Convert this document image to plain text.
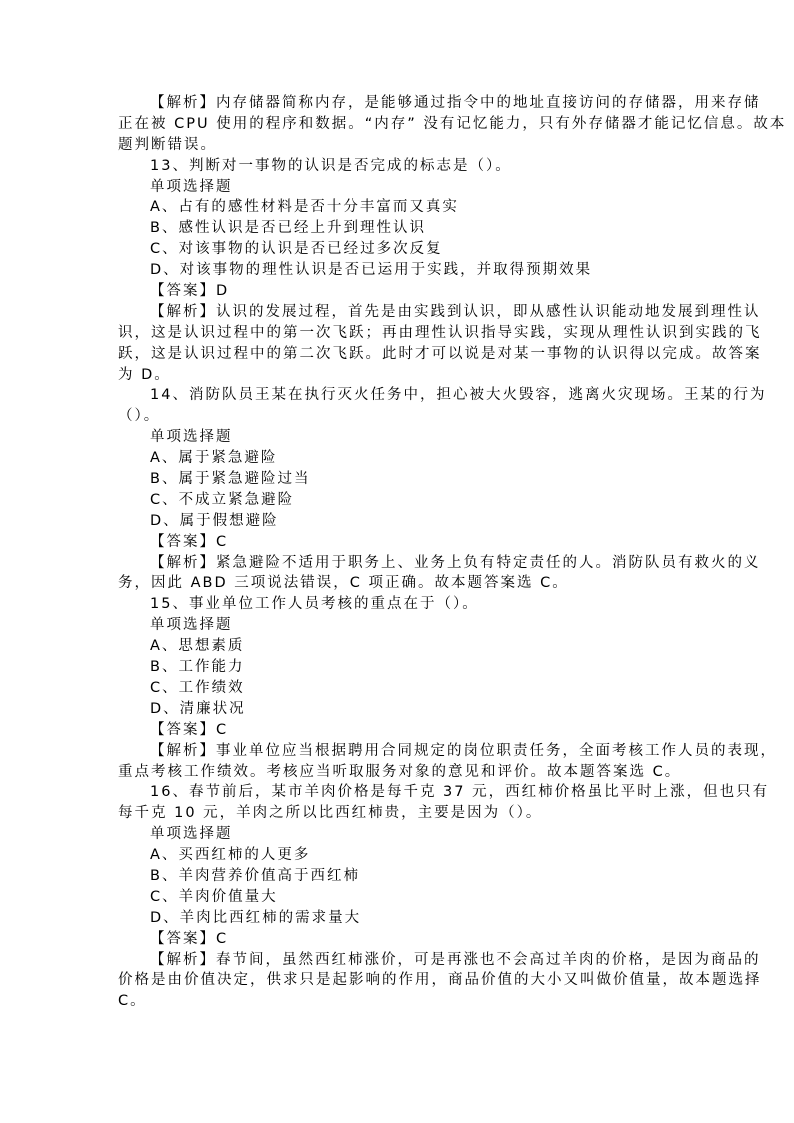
【解析】内存储器简称内存，是能够通过指令中的地址直接访问的存储器，用来存储
正在被 CPU 使用的程序和数据。“内存” 没有记忆能力，只有外存储器才能记忆信息。故本
题判断错误。
13、判断对一事物的认识是否完成的标志是（）。
单项选择题
A、占有的感性材料是否十分丰富而又真实
B、感性认识是否已经上升到理性认识
C、对该事物的认识是否已经过多次反复
D、对该事物的理性认识是否已运用于实践，并取得预期效果
【答案】D
【解析】认识的发展过程，首先是由实践到认识，即从感性认识能动地发展到理性认
识，这是认识过程中的第一次飞跃；再由理性认识指导实践，实现从理性认识到实践的飞
跃，这是认识过程中的第二次飞跃。此时才可以说是对某一事物的认识得以完成。故答案
为 D。
14、消防队员王某在执行灭火任务中，担心被大火毁容，逃离火灾现场。王某的行为
（）。
单项选择题
A、属于紧急避险
B、属于紧急避险过当
C、不成立紧急避险
D、属于假想避险
【答案】C
【解析】紧急避险不适用于职务上、业务上负有特定责任的人。消防队员有救火的义
务，因此 ABD 三项说法错误，C 项正确。故本题答案选 C。
15、事业单位工作人员考核的重点在于（）。
单项选择题
A、思想素质
B、工作能力
C、工作绩效
D、清廉状况
【答案】C
【解析】事业单位应当根据聘用合同规定的岗位职责任务，全面考核工作人员的表现，
重点考核工作绩效。考核应当听取服务对象的意见和评价。故本题答案选 C。
16、春节前后，某市羊肉价格是每千克 37 元，西红柿价格虽比平时上涨，但也只有
每千克 10 元，羊肉之所以比西红柿贵，主要是因为（）。
单项选择题
A、买西红柿的人更多
B、羊肉营养价值高于西红柿
C、羊肉价值量大
D、羊肉比西红柿的需求量大
【答案】C
【解析】春节间，虽然西红柿涨价，可是再涨也不会高过羊肉的价格，是因为商品的
价格是由价值决定，供求只是起影响的作用，商品价值的大小又叫做价值量，故本题选择
C。
